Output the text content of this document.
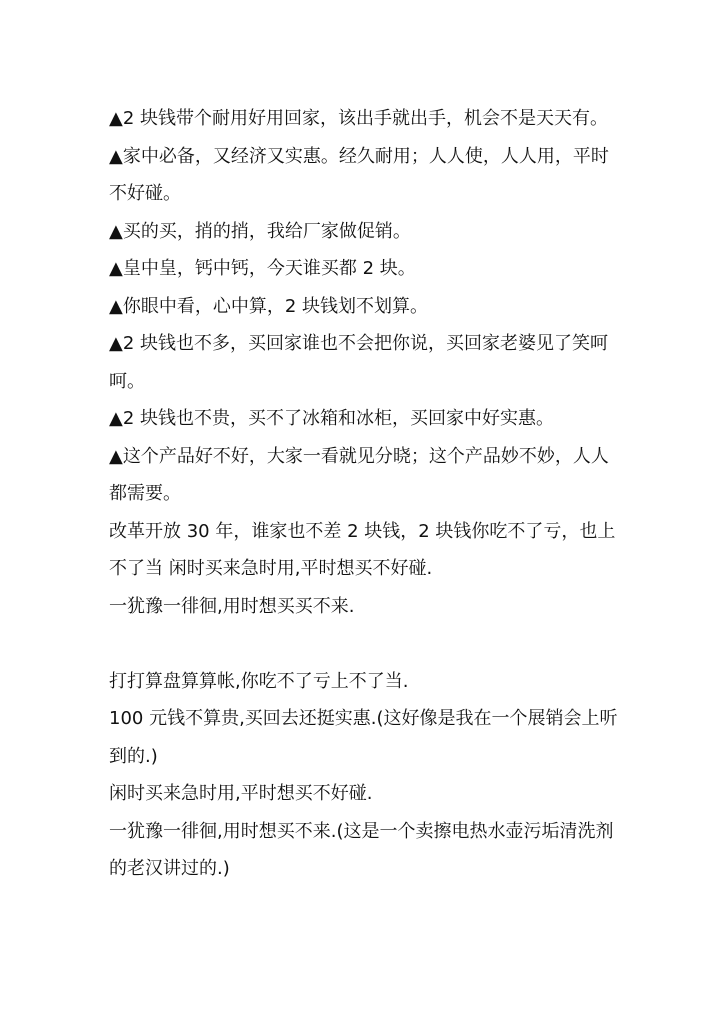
▲2 块钱带个耐用好用回家，该出手就出手，机会不是天天有。

▲家中必备，又经济又实惠。经久耐用；人人使，人人用，平时不好碰。

▲买的买，捎的捎，我给厂家做促销。

▲皇中皇，钙中钙，今天谁买都 2 块。

▲你眼中看，心中算，2 块钱划不划算。

▲2 块钱也不多，买回家谁也不会把你说，买回家老婆见了笑呵呵。

▲2 块钱也不贵，买不了冰箱和冰柜，买回家中好实惠。

▲这个产品好不好，大家一看就见分晓；这个产品妙不妙，人人都需要。

改革开放 30 年，谁家也不差 2 块钱，2 块钱你吃不了亏，也上不了当 闲时买来急时用,平时想买不好碰.

一犹豫一徘徊,用时想买买不来.

打打算盘算算帐,你吃不了亏上不了当.

100 元钱不算贵,买回去还挺实惠.(这好像是我在一个展销会上听到的.)

闲时买来急时用,平时想买不好碰.

一犹豫一徘徊,用时想买不来.(这是一个卖擦电热水壶污垢清洗剂的老汉讲过的.)
